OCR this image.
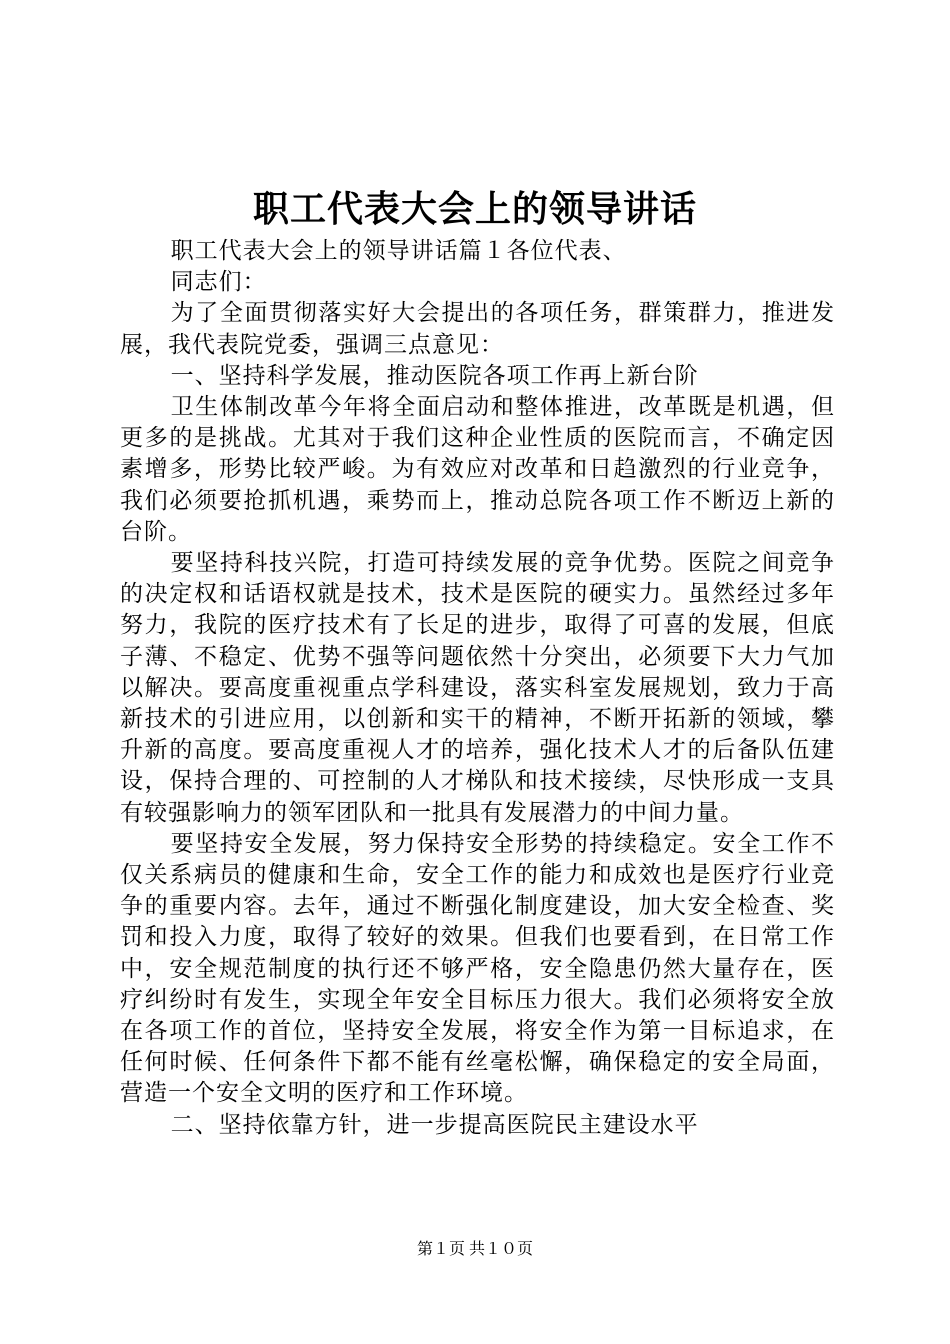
职工代表大会上的领导讲话

职工代表大会上的领导讲话篇１各位代表、

同志们：

为了全面贯彻落实好大会提出的各项任务，群策群力，推进发展，我代表院党委，强调三点意见：

一、坚持科学发展，推动医院各项工作再上新台阶

卫生体制改革今年将全面启动和整体推进，改革既是机遇，但更多的是挑战。尤其对于我们这种企业性质的医院而言，不确定因素增多，形势比较严峻。为有效应对改革和日趋激烈的行业竞争，我们必须要抢抓机遇，乘势而上，推动总院各项工作不断迈上新的台阶。

要坚持科技兴院，打造可持续发展的竞争优势。医院之间竞争的决定权和话语权就是技术，技术是医院的硬实力。虽然经过多年努力，我院的医疗技术有了长足的进步，取得了可喜的发展，但底子薄、不稳定、优势不强等问题依然十分突出，必须要下大力气加以解决。要高度重视重点学科建设，落实科室发展规划，致力于高新技术的引进应用，以创新和实干的精神，不断开拓新的领域，攀升新的高度。要高度重视人才的培养，强化技术人才的后备队伍建设，保持合理的、可控制的人才梯队和技术接续，尽快形成一支具有较强影响力的领军团队和一批具有发展潜力的中间力量。

要坚持安全发展，努力保持安全形势的持续稳定。安全工作不仅关系病员的健康和生命，安全工作的能力和成效也是医疗行业竞争的重要内容。去年，通过不断强化制度建设，加大安全检查、奖罚和投入力度，取得了较好的效果。但我们也要看到，在日常工作中，安全规范制度的执行还不够严格，安全隐患仍然大量存在，医疗纠纷时有发生，实现全年安全目标压力很大。我们必须将安全放在各项工作的首位，坚持安全发展，将安全作为第一目标追求，在任何时候、任何条件下都不能有丝毫松懈，确保稳定的安全局面，营造一个安全文明的医疗和工作环境。

二、坚持依靠方针，进一步提高医院民主建设水平

第１页 共１０页
